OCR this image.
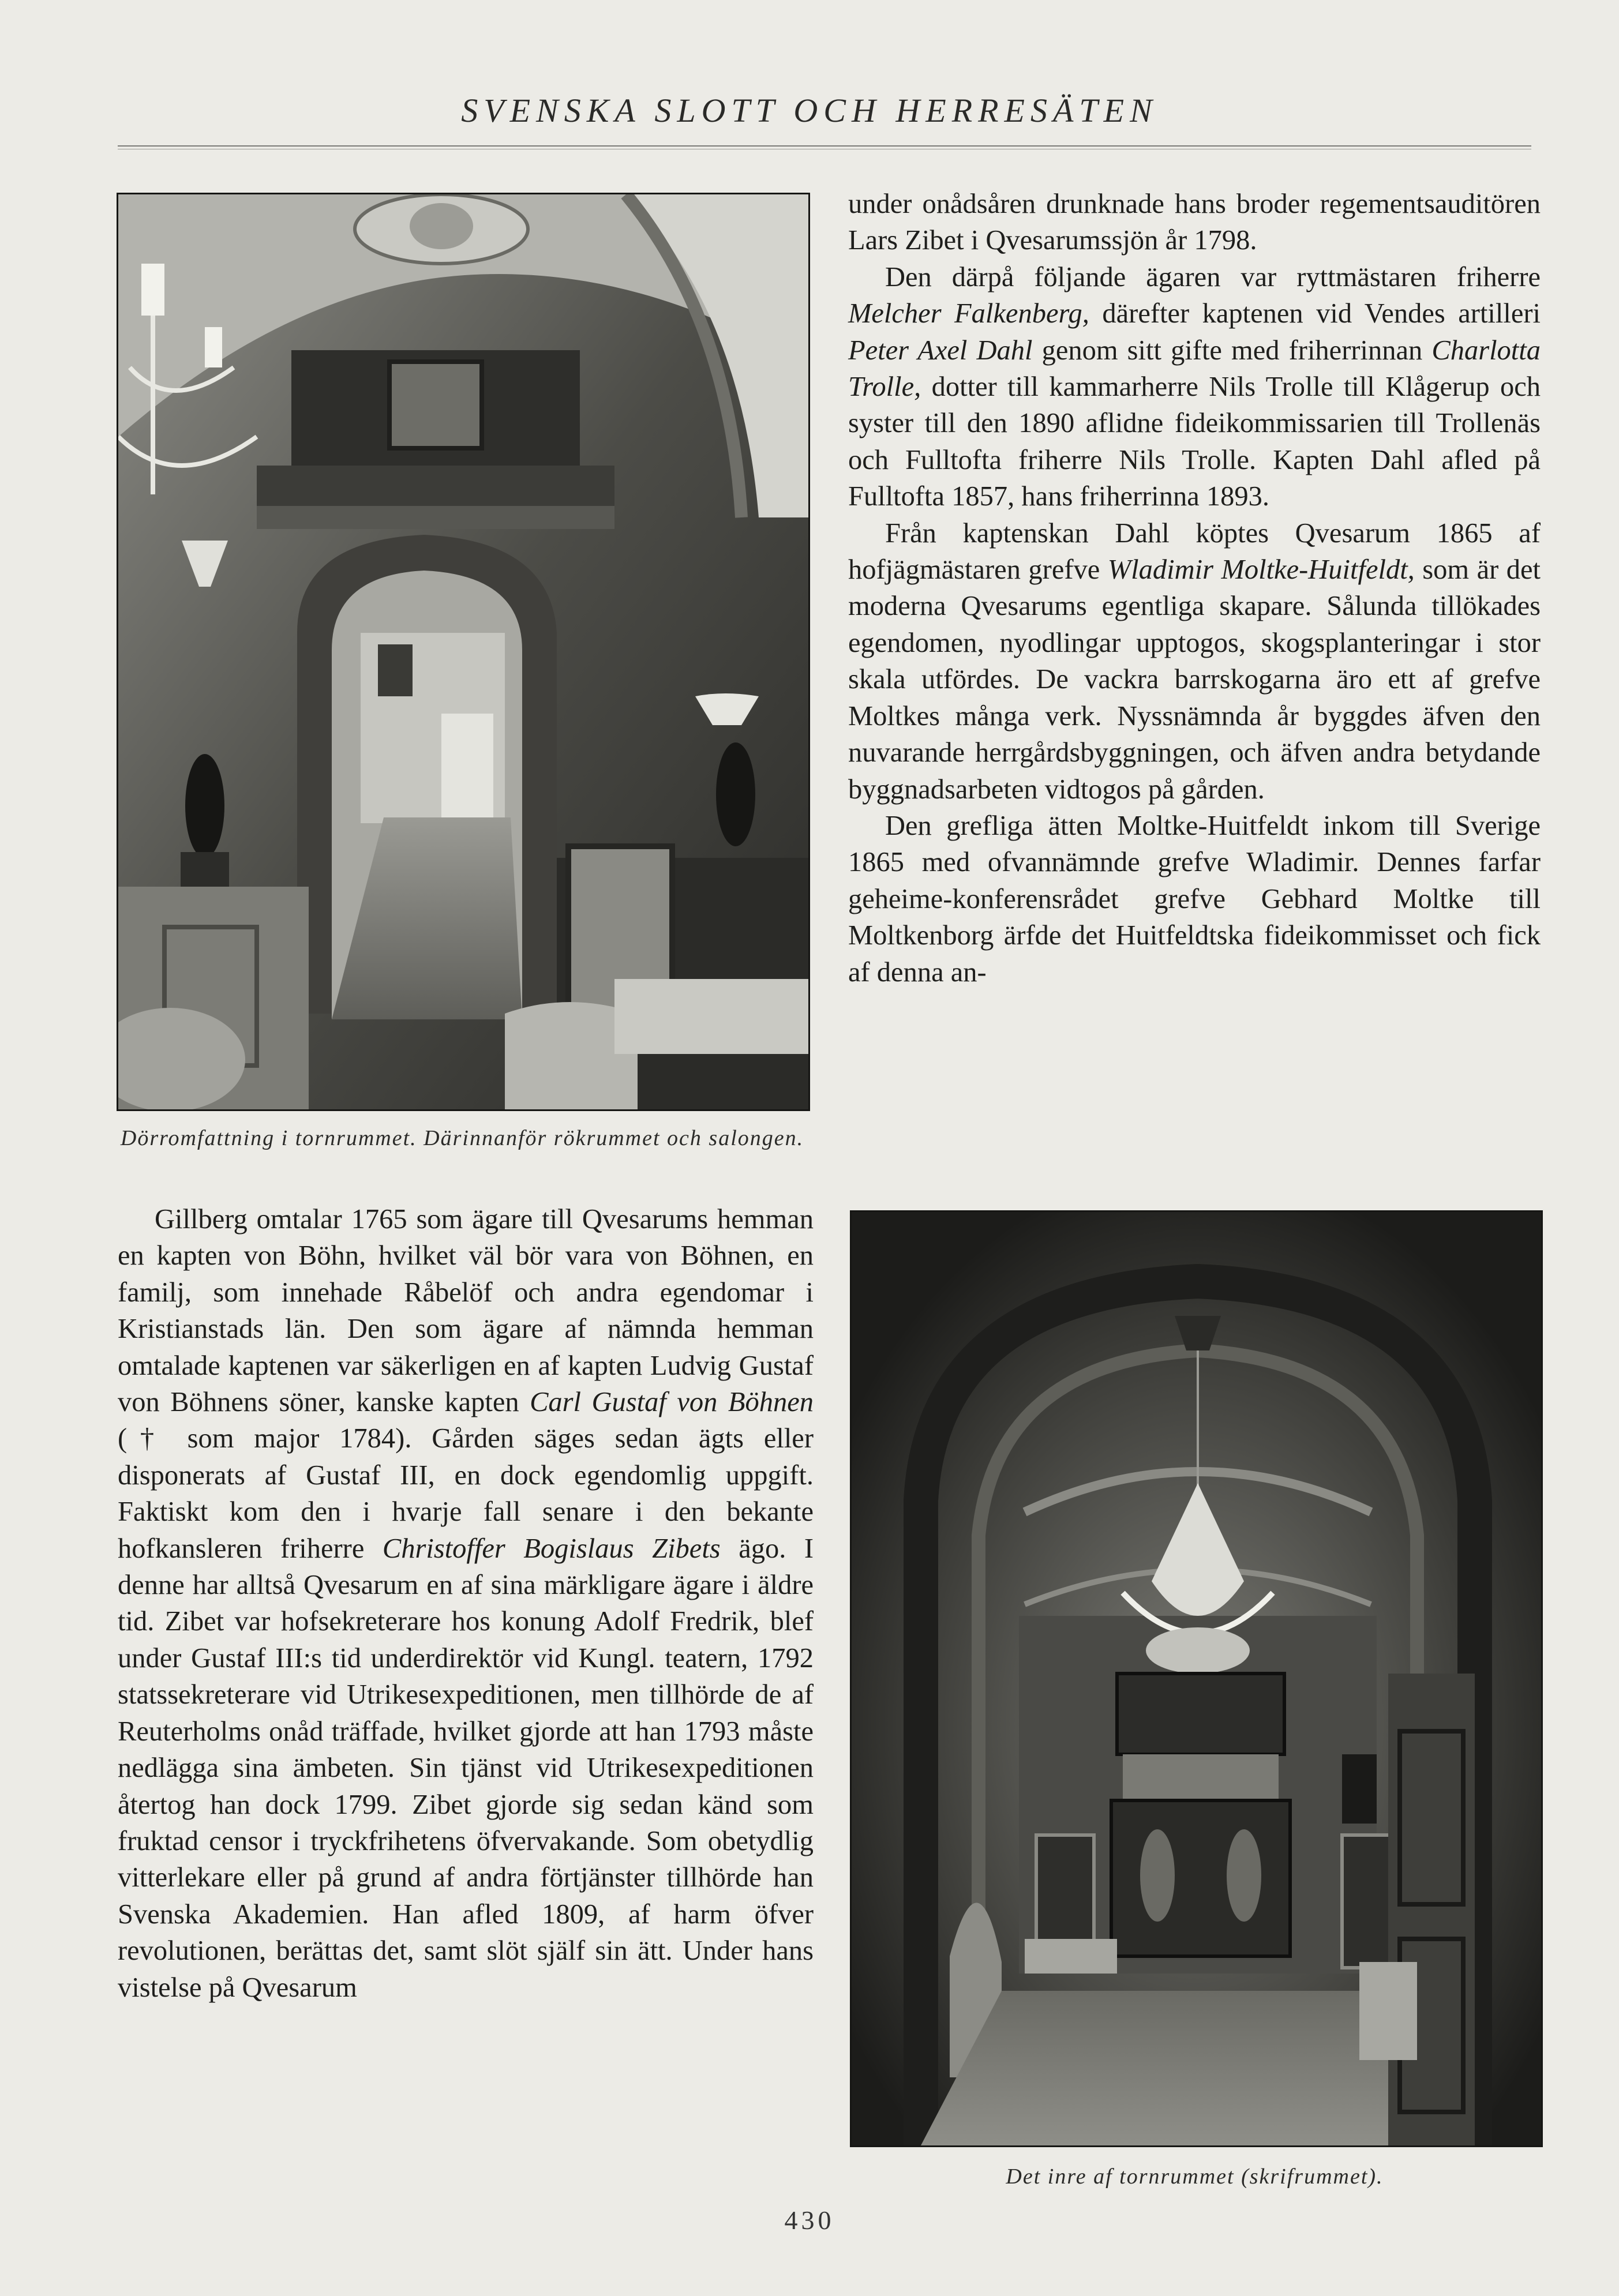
SVENSKA SLOTT OCH HERRESÄTEN
Dörromfattning i tornrummet. Därinnanför rökrummet och salongen.

under onådsåren drunknade hans broder regementsauditören Lars Zibet i Qvesarumssjön år 1798.

Den därpå följande ägaren var ryttmästaren friherre Melcher Falkenberg, därefter kaptenen vid Vendes artilleri Peter Axel Dahl genom sitt gifte med friherrinnan Charlotta Trolle, dotter till kammarherre Nils Trolle till Klågerup och syster till den 1890 aflidne fideikommissarien till Trollenäs och Fulltofta friherre Nils Trolle. Kapten Dahl afled på Fulltofta 1857, hans friherrinna 1893.

Från kaptenskan Dahl köptes Qvesarum 1865 af hofjägmästaren grefve Wladimir Moltke-Huitfeldt, som är det moderna Qvesarums egentliga skapare. Sålunda tillökades egendomen, nyodlingar upptogos, skogsplanteringar i stor skala utfördes. De vackra barrskogarna äro ett af grefve Moltkes många verk. Nyssnämnda år byggdes äfven den nuvarande herrgårdsbyggningen, och äfven andra betydande byggnadsarbeten vidtogos på gården.

Den grefliga ätten Moltke-Huitfeldt inkom till Sverige 1865 med ofvannämnde grefve Wladimir. Dennes farfar geheime-konferensrådet grefve Gebhard Moltke till Moltkenborg ärfde det Huitfeldtska fideikommisset och fick af denna an-

Det inre af tornrummet (skrifrummet).

Gillberg omtalar 1765 som ägare till Qvesarums hemman en kapten von Böhn, hvilket väl bör vara von Böhnen, en familj, som innehade Råbelöf och andra egendomar i Kristianstads län. Den som ägare af nämnda hemman omtalade kaptenen var säkerligen en af kapten Ludvig Gustaf von Böhnens söner, kanske kapten Carl Gustaf von Böhnen († som major 1784). Gården säges sedan ägts eller disponerats af Gustaf III, en dock egendomlig uppgift. Faktiskt kom den i hvarje fall senare i den bekante hofkansleren friherre Christoffer Bogislaus Zibets ägo. I denne har alltså Qvesarum en af sina märkligare ägare i äldre tid. Zibet var hofsekreterare hos konung Adolf Fredrik, blef under Gustaf III:s tid underdirektör vid Kungl. teatern, 1792 statssekreterare vid Utrikesexpeditionen, men tillhörde de af Reuterholms onåd träffade, hvilket gjorde att han 1793 måste nedlägga sina ämbeten. Sin tjänst vid Utrikesexpeditionen återtog han dock 1799. Zibet gjorde sig sedan känd som fruktad censor i tryckfrihetens öfvervakande. Som obetydlig vitterlekare eller på grund af andra förtjänster tillhörde han Svenska Akademien. Han afled 1809, af harm öfver revolutionen, berättas det, samt slöt själf sin ätt. Under hans vistelse på Qvesarum

430
